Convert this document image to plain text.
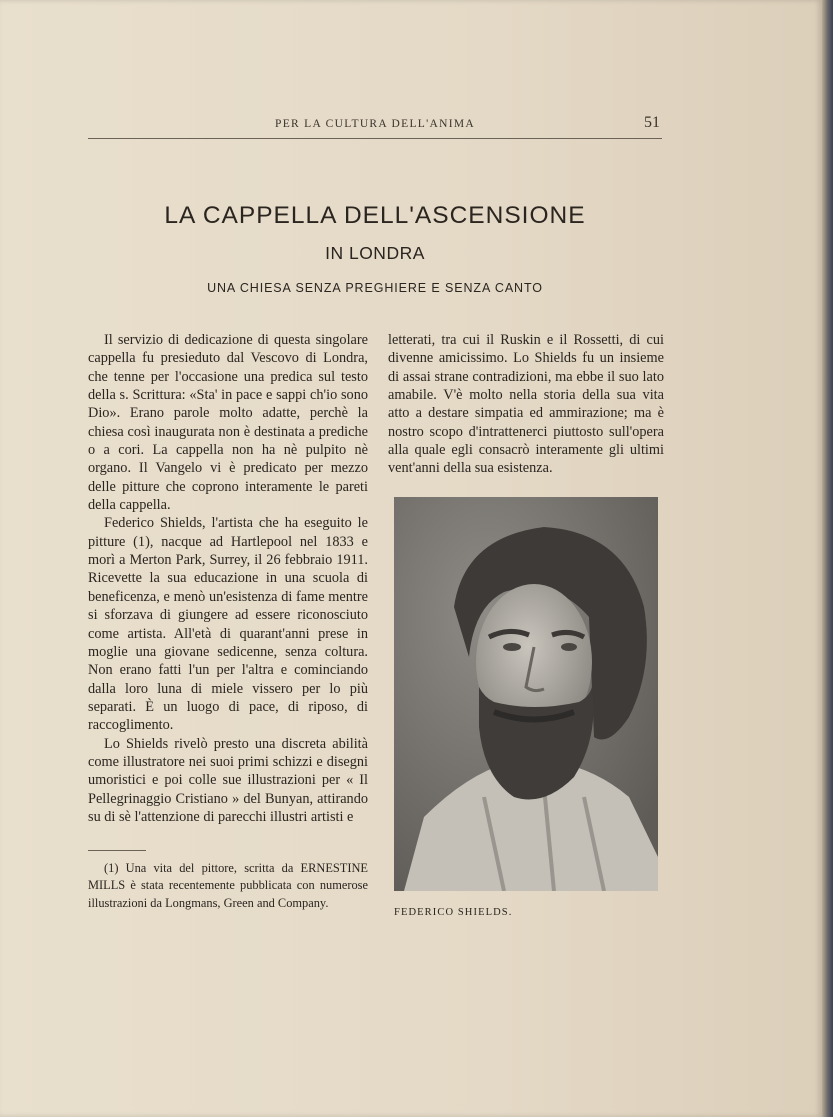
PER LA CULTURA DELL'ANIMA	51
LA CAPPELLA DELL'ASCENSIONE
IN LONDRA
UNA CHIESA SENZA PREGHIERE E SENZA CANTO

Il servizio di dedicazione di questa singolare cappella fu presieduto dal Vescovo di Londra, che tenne per l'occasione una predica sul testo della s. Scrittura: «Sta' in pace e sappi ch'io sono Dio». Erano parole molto adatte, perchè la chiesa così inaugurata non è destinata a prediche o a cori. La cappella non ha nè pulpito nè organo. Il Vangelo vi è predicato per mezzo delle pitture che coprono interamente le pareti della cappella.

Federico Shields, l'artista che ha eseguito le pitture (1), nacque ad Hartlepool nel 1833 e morì a Merton Park, Surrey, il 26 febbraio 1911. Ricevette la sua educazione in una scuola di beneficenza, e menò un'esistenza di fame mentre si sforzava di giungere ad essere riconosciuto come artista. All'età di quarant'anni prese in moglie una giovane sedicenne, senza coltura. Non erano fatti l'un per l'altra e cominciando dalla loro luna di miele vissero per lo più separati. È un luogo di pace, di riposo, di raccoglimento.

Lo Shields rivelò presto una discreta abilità come illustratore nei suoi primi schizzi e disegni umoristici e poi colle sue illustrazioni per « Il Pellegrinaggio Cristiano » del Bunyan, attirando su di sè l'attenzione di parecchi illustri artisti e

(1) Una vita del pittore, scritta da ERNESTINE MILLS è stata recentemente pubblicata con numerose illustrazioni da Longmans, Green and Company.

letterati, tra cui il Ruskin e il Rossetti, di cui divenne amicissimo. Lo Shields fu un insieme di assai strane contradizioni, ma ebbe il suo lato amabile. V'è molto nella storia della sua vita atto a destare simpatia ed ammirazione; ma è nostro scopo d'intrattenerci piuttosto sull'opera alla quale egli consacrò interamente gli ultimi vent'anni della sua esistenza.

FEDERICO SHIELDS.
